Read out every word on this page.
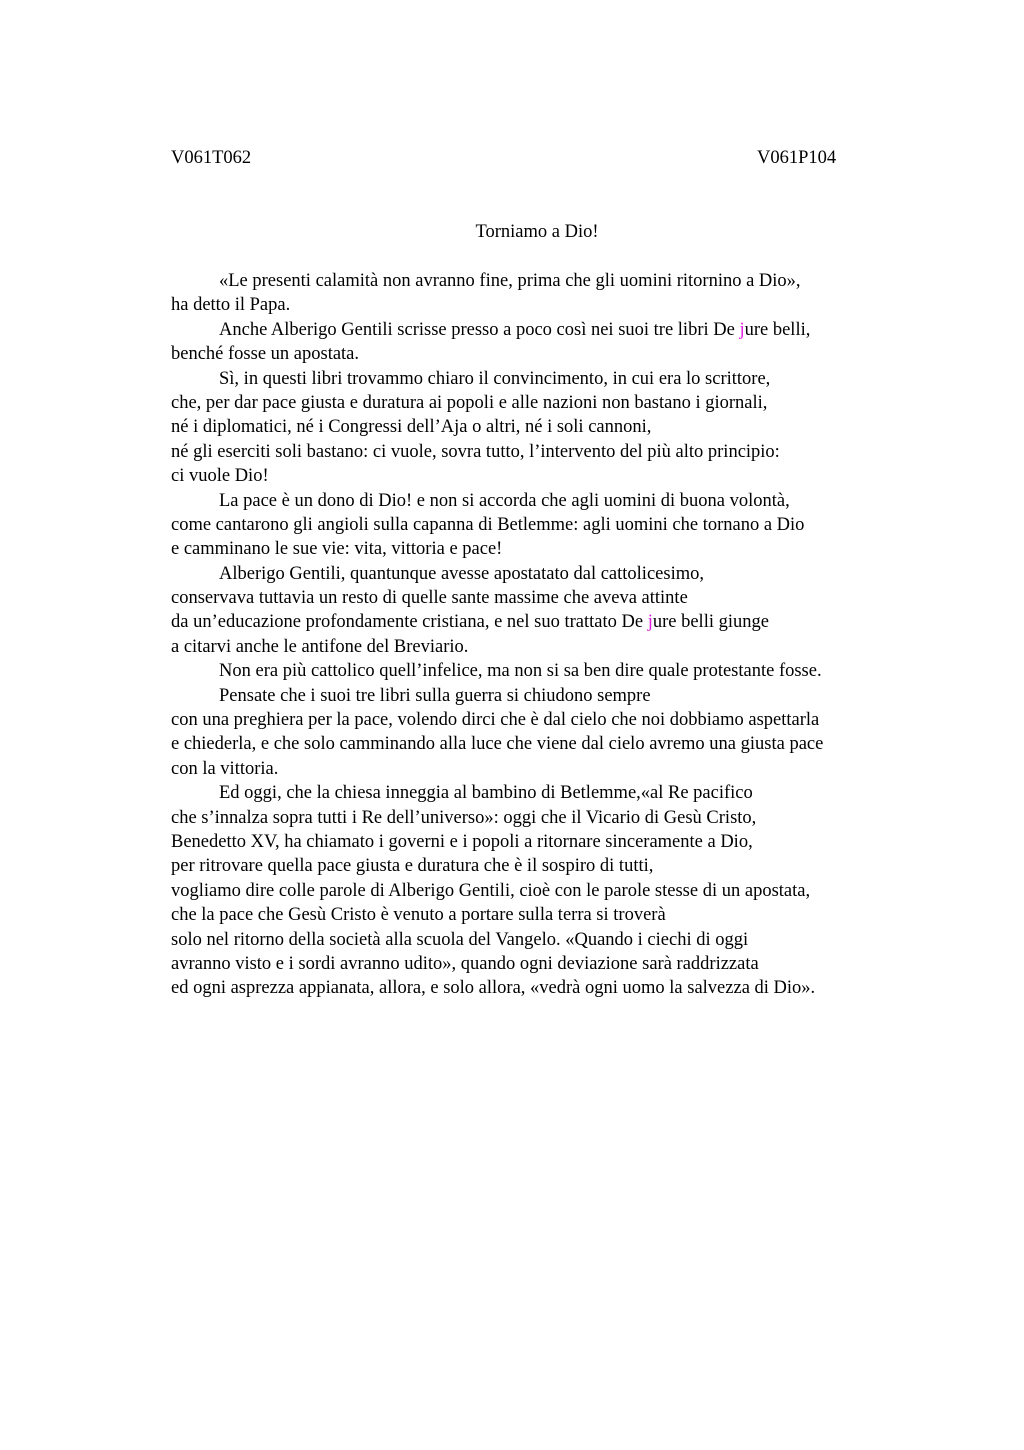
V061T062	V061P104
Torniamo a Dio!
«Le presenti calamità non avranno fine, prima che gli uomini ritornino a Dio»,
ha detto il Papa.
Anche Alberigo Gentili scrisse presso a poco così nei suoi tre libri De jure belli,
benché fosse un apostata.
Sì, in questi libri trovammo chiaro il convincimento, in cui era lo scrittore,
che, per dar pace giusta e duratura ai popoli e alle nazioni non bastano i giornali,
né i diplomatici, né i Congressi dell’Aja o altri, né i soli cannoni,
né gli eserciti soli bastano: ci vuole, sovra tutto, l’intervento del più alto principio:
ci vuole Dio!
La pace è un dono di Dio! e non si accorda che agli uomini di buona volontà,
come cantarono gli angioli sulla capanna di Betlemme: agli uomini che tornano a Dio
e camminano le sue vie: vita, vittoria e pace!
Alberigo Gentili, quantunque avesse apostatato dal cattolicesimo,
conservava tuttavia un resto di quelle sante massime che aveva attinte
da un’educazione profondamente cristiana, e nel suo trattato De jure belli giunge
a citarvi anche le antifone del Breviario.
Non era più cattolico quell’infelice, ma non si sa ben dire quale protestante fosse.
Pensate che i suoi tre libri sulla guerra si chiudono sempre
con una preghiera per la pace, volendo dirci che è dal cielo che noi dobbiamo aspettarla
e chiederla, e che solo camminando alla luce che viene dal cielo avremo una giusta pace
con la vittoria.
Ed oggi, che la chiesa inneggia al bambino di Betlemme,«al Re pacifico
che s’innalza sopra tutti i Re dell’universo»: oggi che il Vicario di Gesù Cristo,
Benedetto XV, ha chiamato i governi e i popoli a ritornare sinceramente a Dio,
per ritrovare quella pace giusta e duratura che è il sospiro di tutti,
vogliamo dire colle parole di Alberigo Gentili, cioè con le parole stesse di un apostata,
che la pace che Gesù Cristo è venuto a portare sulla terra si troverà
solo nel ritorno della società alla scuola del Vangelo. «Quando i ciechi di oggi
avranno visto e i sordi avranno udito», quando ogni deviazione sarà raddrizzata
ed ogni asprezza appianata, allora, e solo allora, «vedrà ogni uomo la salvezza di Dio».
